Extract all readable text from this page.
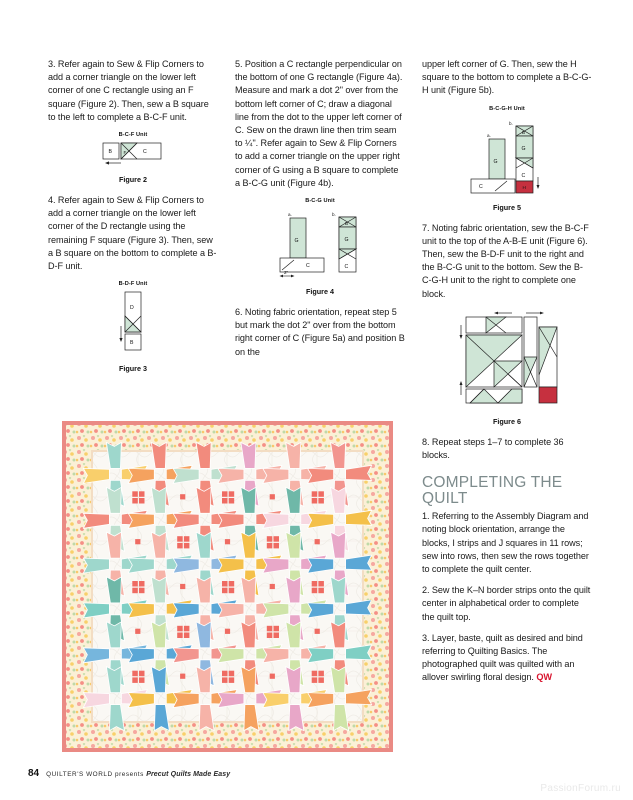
3. Refer again to Sew & Flip Corners to add a corner triangle on the lower left corner of one C rectangle using an F square (Figure 2). Then, sew a B square to the left to complete a B-C-F unit.

B-C-F Unit
B	F	C
Figure 2

4. Refer again to Sew & Flip Corners to add a corner triangle on the lower left corner of the D rectangle using the remaining F square (Figure 3). Then, sew a B square on the bottom to complete a B-D-F unit.

B-D-F Unit
D
B
Figure 3

5. Position a C rectangle perpendicular on the bottom of one G rectangle (Figure 4a). Measure and mark a dot 2" over from the bottom left corner of C; draw a diagonal line from the dot to the upper left corner of C. Sew on the drawn line then trim seam to ¼". Refer again to Sew & Flip Corners to add a corner triangle on the upper right corner of G using a B square to complete a B-C-G unit (Figure 4b).

B-C-G Unit
a.
G
C
2"
b.
B
G
C
Figure 4

6. Noting fabric orientation, repeat step 5 but mark the dot 2" over from the bottom right corner of C (Figure 5a) and position B on the

upper left corner of G. Then, sew the H square to the bottom to complete a B-C-G-H unit (Figure 5b).

B-C-G-H Unit
a.
G
C
b.
B
G
C
H
Figure 5

7. Noting fabric orientation, sew the B-C-F unit to the top of the A-B-E unit (Figure 6). Then, sew the B-D-F unit to the right and the B-C-G unit to the bottom. Sew the B-C-G-H unit to the right to complete one block.

Figure 6

8. Repeat steps 1–7 to complete 36 blocks.

COMPLETING THE QUILT

1. Referring to the Assembly Diagram and noting block orientation, arrange the blocks, I strips and J squares in 11 rows; sew into rows, then sew the rows together to complete the quilt center.

2. Sew the K–N border strips onto the quilt center in alphabetical order to complete the quilt top.

3. Layer, baste, quilt as desired and bind referring to Quilting Basics. The photographed quilt was quilted with an allover swirling floral design. QW

84 QUILTER'S WORLD presents Precut Quilts Made Easy
PassionForum.ru
